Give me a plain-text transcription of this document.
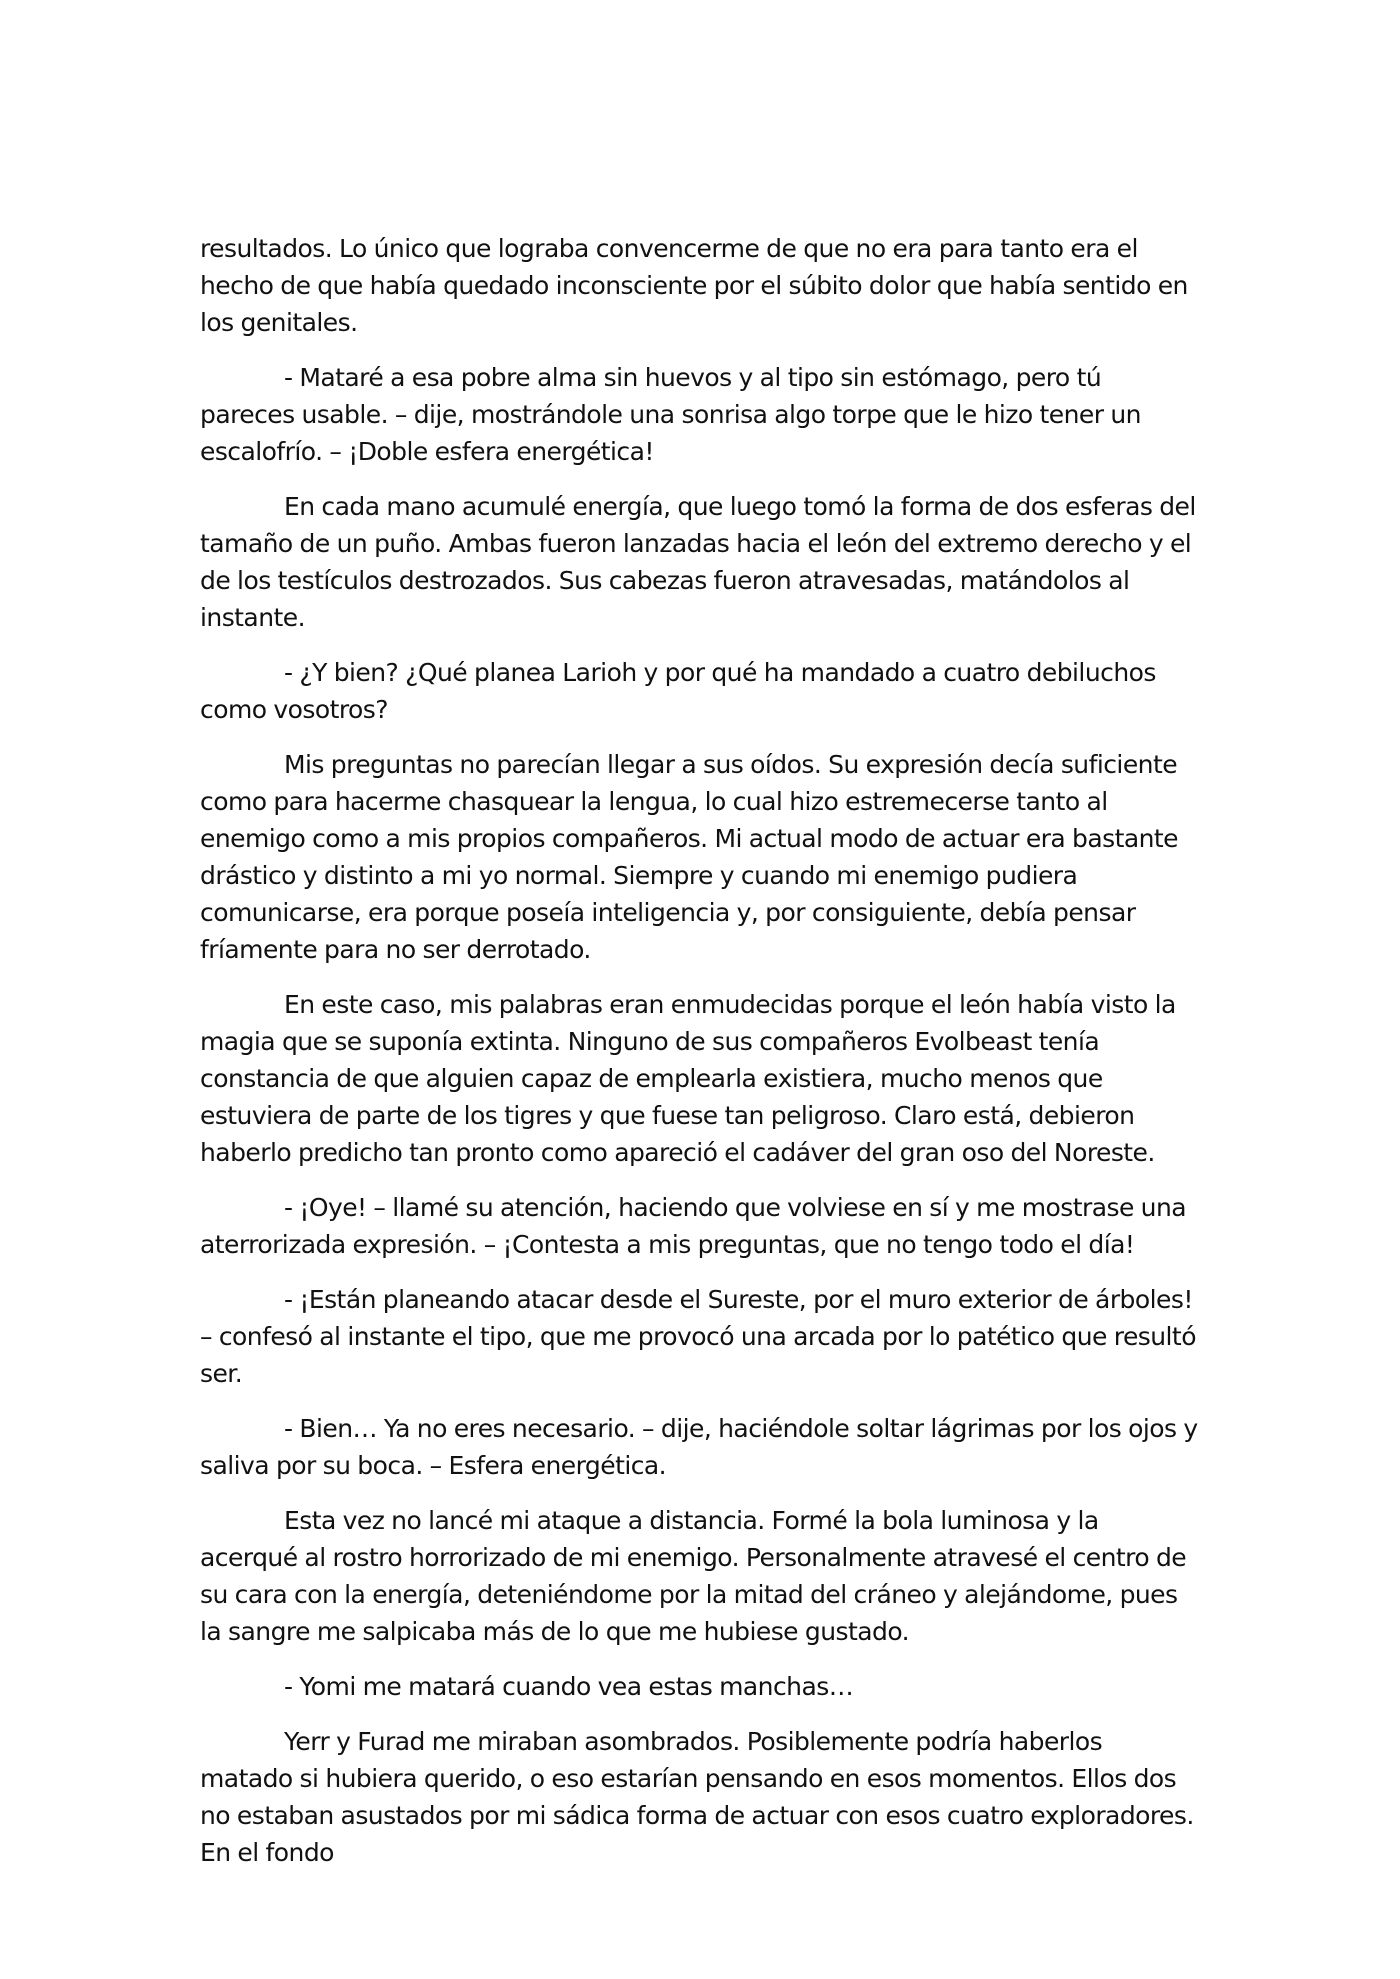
resultados. Lo único que lograba convencerme de que no era para tanto era el hecho de que había quedado inconsciente por el súbito dolor que había sentido en los genitales.

- Mataré a esa pobre alma sin huevos y al tipo sin estómago, pero tú pareces usable. – dije, mostrándole una sonrisa algo torpe que le hizo tener un escalofrío. – ¡Doble esfera energética!

En cada mano acumulé energía, que luego tomó la forma de dos esferas del tamaño de un puño. Ambas fueron lanzadas hacia el león del extremo derecho y el de los testículos destrozados. Sus cabezas fueron atravesadas, matándolos al instante.

- ¿Y bien? ¿Qué planea Larioh y por qué ha mandado a cuatro debiluchos como vosotros?

Mis preguntas no parecían llegar a sus oídos. Su expresión decía suficiente como para hacerme chasquear la lengua, lo cual hizo estremecerse tanto al enemigo como a mis propios compañeros. Mi actual modo de actuar era bastante drástico y distinto a mi yo normal. Siempre y cuando mi enemigo pudiera comunicarse, era porque poseía inteligencia y, por consiguiente, debía pensar fríamente para no ser derrotado.

En este caso, mis palabras eran enmudecidas porque el león había visto la magia que se suponía extinta. Ninguno de sus compañeros Evolbeast tenía constancia de que alguien capaz de emplearla existiera, mucho menos que estuviera de parte de los tigres y que fuese tan peligroso. Claro está, debieron haberlo predicho tan pronto como apareció el cadáver del gran oso del Noreste.

- ¡Oye! – llamé su atención, haciendo que volviese en sí y me mostrase una aterrorizada expresión. – ¡Contesta a mis preguntas, que no tengo todo el día!

- ¡Están planeando atacar desde el Sureste, por el muro exterior de árboles! – confesó al instante el tipo, que me provocó una arcada por lo patético que resultó ser.

- Bien… Ya no eres necesario. – dije, haciéndole soltar lágrimas por los ojos y saliva por su boca. – Esfera energética.

Esta vez no lancé mi ataque a distancia. Formé la bola luminosa y la acerqué al rostro horrorizado de mi enemigo. Personalmente atravesé el centro de su cara con la energía, deteniéndome por la mitad del cráneo y alejándome, pues la sangre me salpicaba más de lo que me hubiese gustado.

- Yomi me matará cuando vea estas manchas…

Yerr y Furad me miraban asombrados. Posiblemente podría haberlos matado si hubiera querido, o eso estarían pensando en esos momentos. Ellos dos no estaban asustados por mi sádica forma de actuar con esos cuatro exploradores. En el fondo
